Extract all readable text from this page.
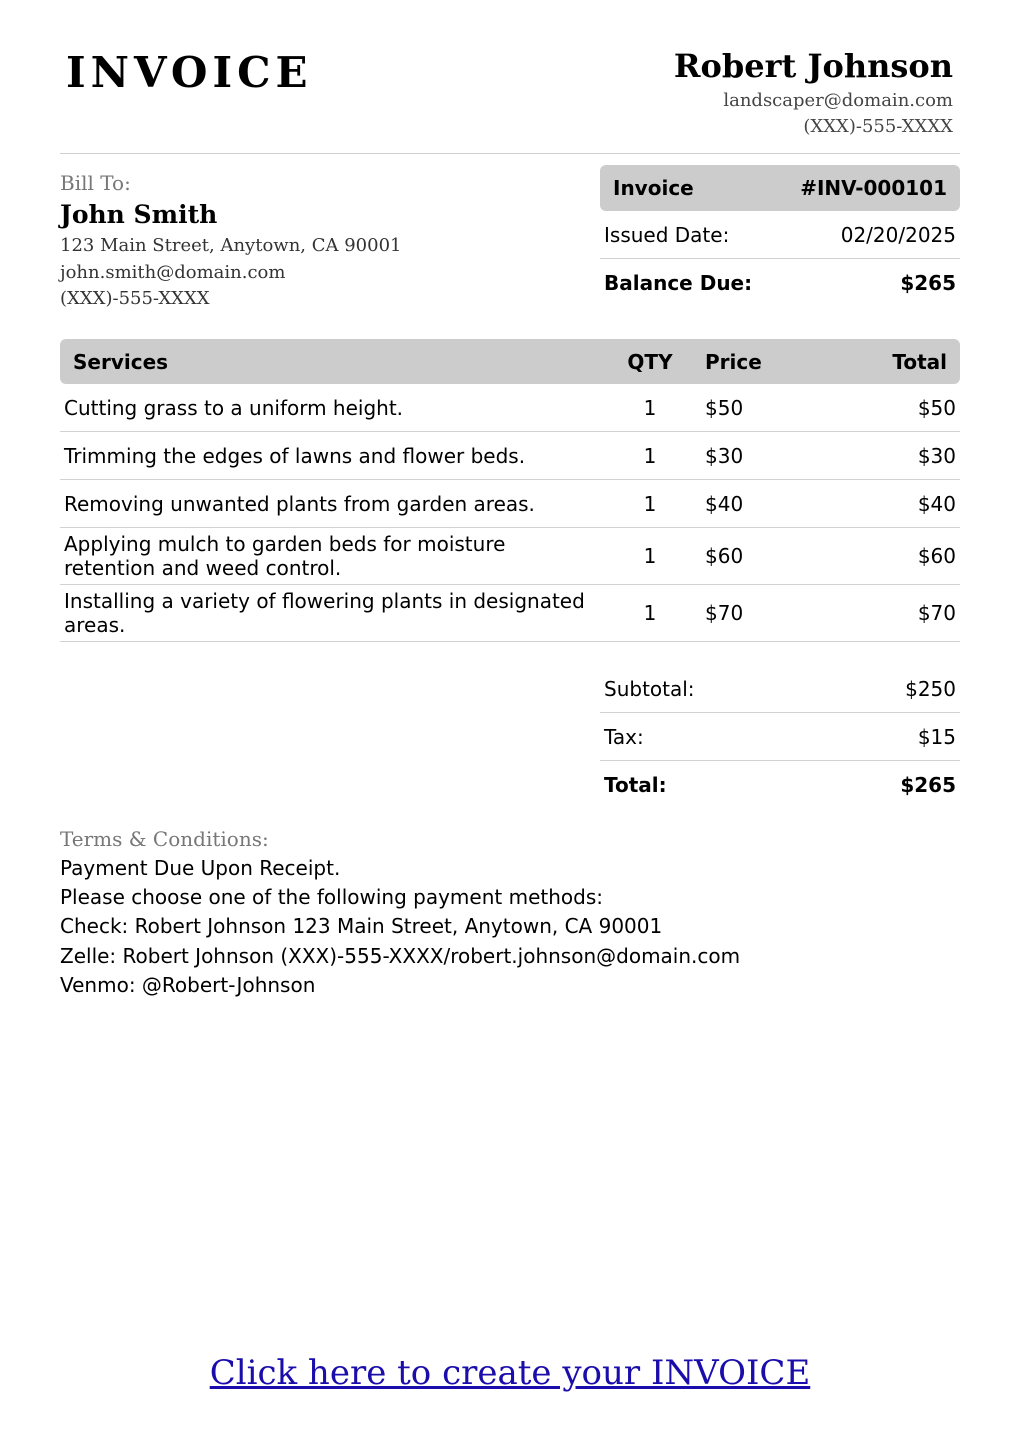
INVOICE	Robert Johnson
landscaper@domain.com
(XXX)-555-XXXX
Bill To:
John Smith
123 Main Street, Anytown, CA 90001
john.smith@domain.com
(XXX)-555-XXXX
Invoice	#INV-000101
Issued Date:	02/20/2025
Balance Due:	$265
Services	QTY	Price	Total
Cutting grass to a uniform height.	1	$50	$50
Trimming the edges of lawns and flower beds.	1	$30	$30
Removing unwanted plants from garden areas.	1	$40	$40
Applying mulch to garden beds for moisture retention and weed control.	1	$60	$60
Installing a variety of flowering plants in designated areas.	1	$70	$70
Subtotal:	$250
Tax:	$15
Total:	$265
Terms & Conditions:
Payment Due Upon Receipt.
Please choose one of the following payment methods:
Check: Robert Johnson 123 Main Street, Anytown, CA 90001
Zelle: Robert Johnson (XXX)-555-XXXX/robert.johnson@domain.com
Venmo: @Robert-Johnson
Click here to create your INVOICE
